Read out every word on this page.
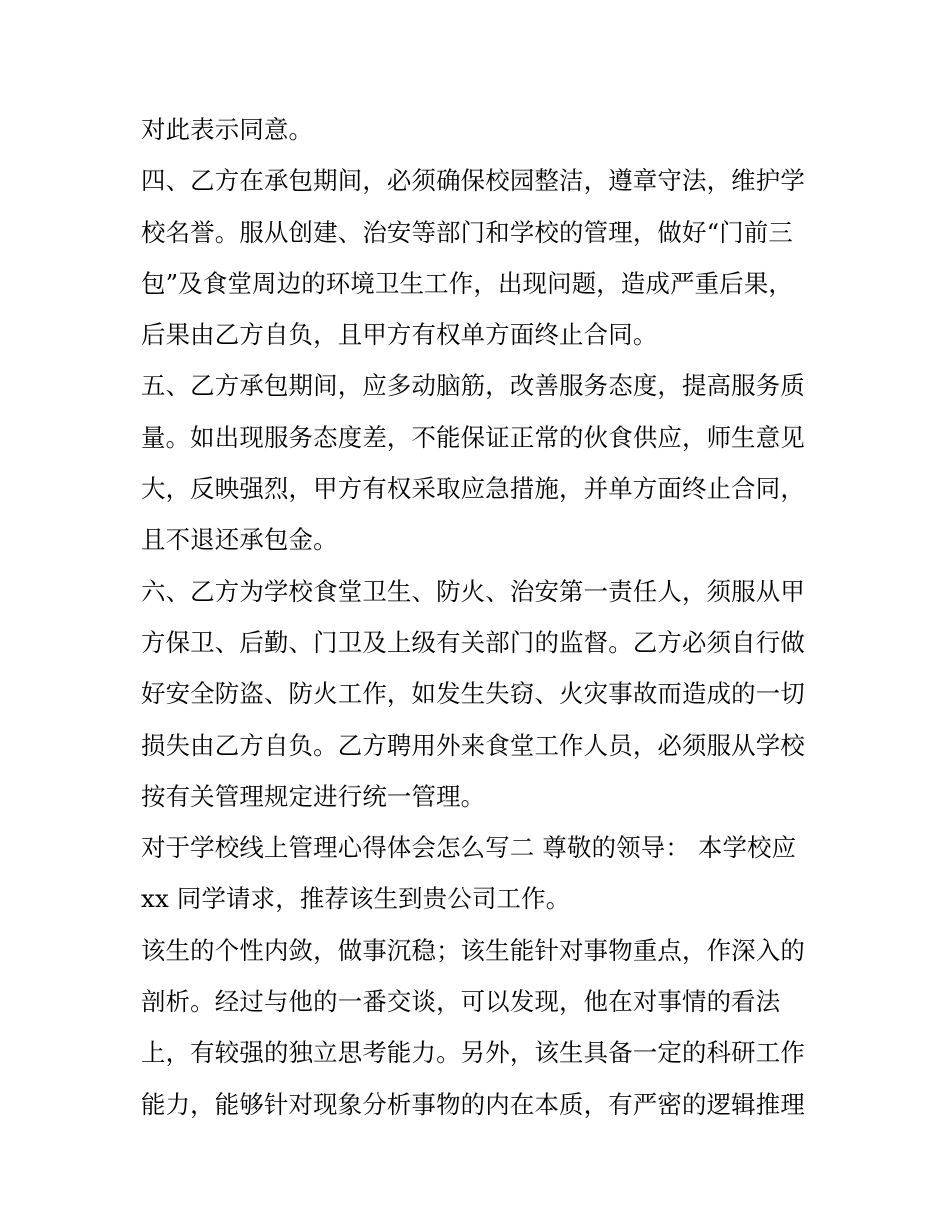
对此表示同意。
四、乙方在承包期间，必须确保校园整洁，遵章守法，维护学
校名誉。服从创建、治安等部门和学校的管理，做好“门前三
包”及食堂周边的环境卫生工作，出现问题，造成严重后果，
后果由乙方自负，且甲方有权单方面终止合同。
五、乙方承包期间，应多动脑筋，改善服务态度，提高服务质
量。如出现服务态度差，不能保证正常的伙食供应，师生意见
大，反映强烈，甲方有权采取应急措施，并单方面终止合同，
且不退还承包金。
六、乙方为学校食堂卫生、防火、治安第一责任人，须服从甲
方保卫、后勤、门卫及上级有关部门的监督。乙方必须自行做
好安全防盗、防火工作，如发生失窃、火灾事故而造成的一切
损失由乙方自负。乙方聘用外来食堂工作人员，必须服从学校
按有关管理规定进行统一管理。
对于学校线上管理心得体会怎么写二 尊敬的领导： 本学校应
xx 同学请求，推荐该生到贵公司工作。
该生的个性内敛，做事沉稳；该生能针对事物重点，作深入的
剖析。经过与他的一番交谈，可以发现，他在对事情的看法
上，有较强的独立思考能力。另外，该生具备一定的科研工作
能力，能够针对现象分析事物的内在本质，有严密的逻辑推理
